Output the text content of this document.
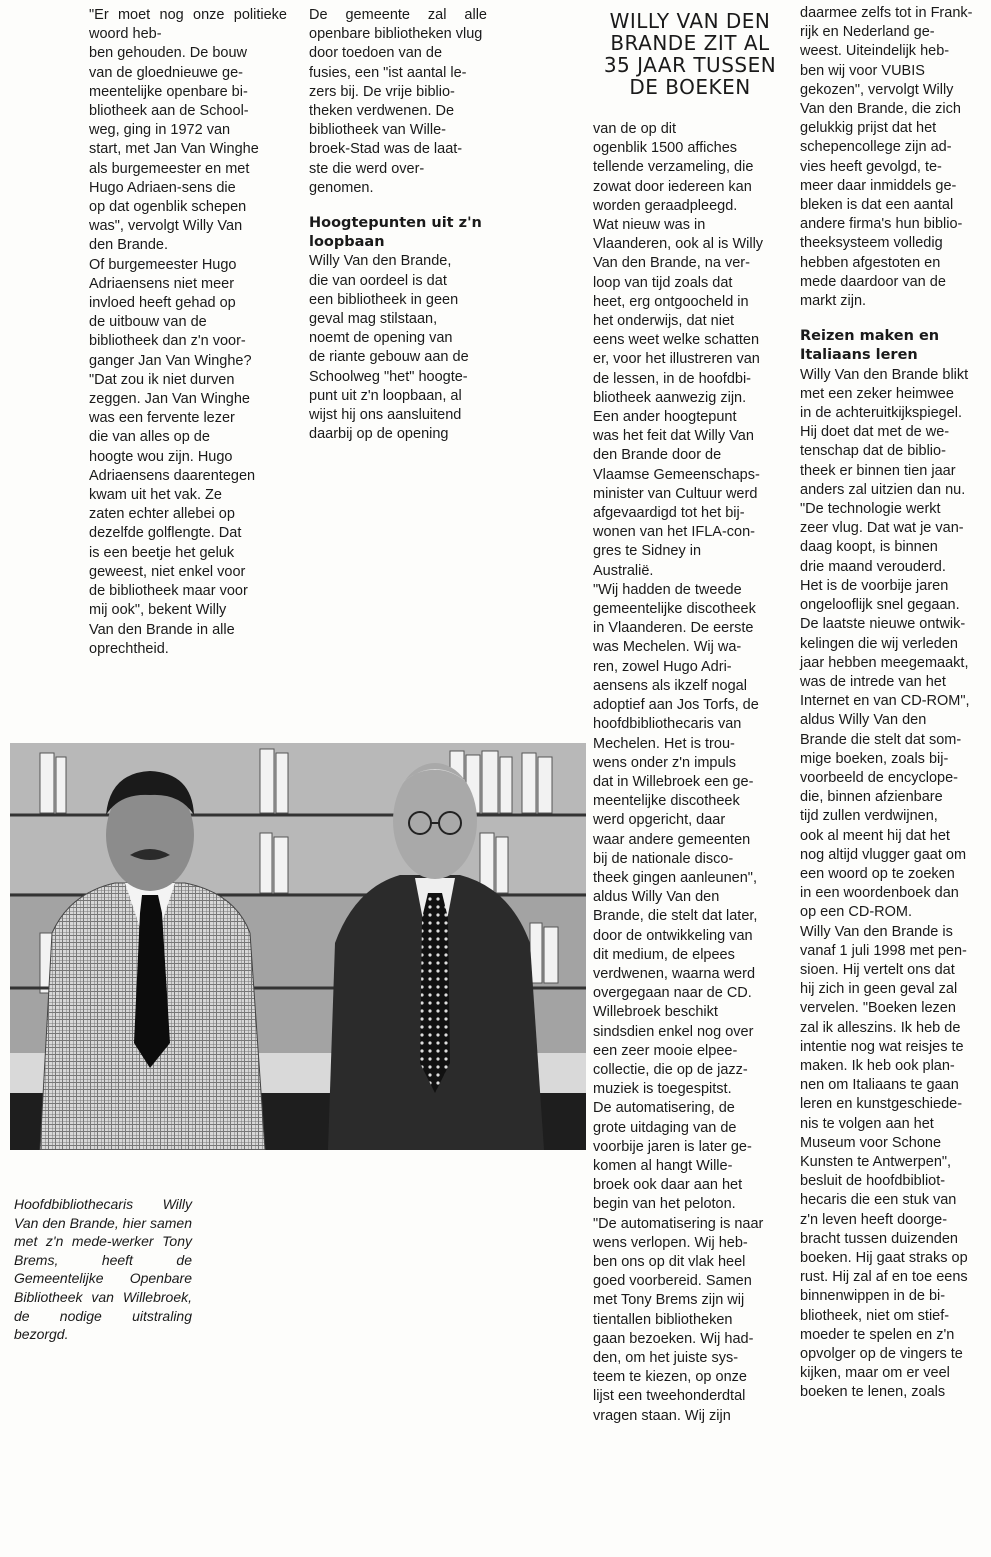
"Er moet nog onze politieke woord heb-
ben gehouden. De bouw
van de gloednieuwe ge-
meentelijke openbare bi-
bliotheek aan de School-
weg, ging in 1972 van
start, met Jan Van Winghe
als burgemeester en met
Hugo Adriaen-sens die
op dat ogenblik schepen
was", vervolgt Willy Van
den Brande.
Of burgemeester Hugo
Adriaensens niet meer
invloed heeft gehad op
de uitbouw van de
bibliotheek dan z'n voor-
ganger Jan Van Winghe?
"Dat zou ik niet durven
zeggen. Jan Van Winghe
was een fervente lezer
die van alles op de
hoogte wou zijn. Hugo
Adriaensens daarentegen
kwam uit het vak. Ze
zaten echter allebei op
dezelfde golflengte. Dat
is een beetje het geluk
geweest, niet enkel voor
de bibliotheek maar voor
mij ook", bekent Willy
Van den Brande in alle
oprechtheid.

De gemeente zal alle openbare bibliotheken vlug
door toedoen van de
fusies, een "ist aantal le-
zers bij. De vrije biblio-
theken verdwenen. De
bibliotheek van Wille-
broek-Stad was de laat-
ste die werd over-
genomen.

Hoogtepunten uit z'n loopbaan

Willy Van den Brande,
die van oordeel is dat
een bibliotheek in geen
geval mag stilstaan,
noemt de opening van
de riante gebouw aan de
Schoolweg "het" hoogte-
punt uit z'n loopbaan, al
wijst hij ons aansluitend
daarbij op de opening

WILLY VAN DEN BRANDE ZIT AL 35 JAAR TUSSEN DE BOEKEN

van de op dit
ogenblik 1500 affiches
tellende verzameling, die
zowat door iedereen kan
worden geraadpleegd.
Wat nieuw was in
Vlaanderen, ook al is Willy
Van den Brande, na ver-
loop van tijd zoals dat
heet, erg ontgoocheld in
het onderwijs, dat niet
eens weet welke schatten
er, voor het illustreren van
de lessen, in de hoofdbi-
bliotheek aanwezig zijn.
Een ander hoogtepunt
was het feit dat Willy Van
den Brande door de
Vlaamse Gemeenschaps-
minister van Cultuur werd
afgevaardigd tot het bij-
wonen van het IFLA-con-
gres te Sidney in
Australië.
"Wij hadden de tweede
gemeentelijke discotheek
in Vlaanderen. De eerste
was Mechelen. Wij wa-
ren, zowel Hugo Adri-
aensens als ikzelf nogal
adoptief aan Jos Torfs, de
hoofdbibliothecaris van
Mechelen. Het is trou-
wens onder z'n impuls
dat in Willebroek een ge-
meentelijke discotheek
werd opgericht, daar
waar andere gemeenten
bij de nationale disco-
theek gingen aanleunen",
aldus Willy Van den
Brande, die stelt dat later,
door de ontwikkeling van
dit medium, de elpees
verdwenen, waarna werd
overgegaan naar de CD.
Willebroek beschikt
sindsdien enkel nog over
een zeer mooie elpee-
collectie, die op de jazz-
muziek is toegespitst.
De automatisering, de
grote uitdaging van de
voorbije jaren is later ge-
komen al hangt Wille-
broek ook daar aan het
begin van het peloton.
"De automatisering is naar
wens verlopen. Wij heb-
ben ons op dit vlak heel
goed voorbereid. Samen
met Tony Brems zijn wij
tientallen bibliotheken
gaan bezoeken. Wij had-
den, om het juiste sys-
teem te kiezen, op onze
lijst een tweehonderdtal
vragen staan. Wij zijn

daarmee zelfs tot in Frank-
rijk en Nederland ge-
weest. Uiteindelijk heb-
ben wij voor VUBIS
gekozen", vervolgt Willy
Van den Brande, die zich
gelukkig prijst dat het
schepencollege zijn ad-
vies heeft gevolgd, te-
meer daar inmiddels ge-
bleken is dat een aantal
andere firma's hun biblio-
theeksysteem volledig
hebben afgestoten en
mede daardoor van de
markt zijn.

Reizen maken en Italiaans leren

Willy Van den Brande blikt
met een zeker heimwee
in de achteruitkijkspiegel.
Hij doet dat met de we-
tenschap dat de biblio-
theek er binnen tien jaar
anders zal uitzien dan nu.
"De technologie werkt
zeer vlug. Dat wat je van-
daag koopt, is binnen
drie maand verouderd.
Het is de voorbije jaren
ongelooflijk snel gegaan.
De laatste nieuwe ontwik-
kelingen die wij verleden
jaar hebben meegemaakt,
was de intrede van het
Internet en van CD-ROM",
aldus Willy Van den
Brande die stelt dat som-
mige boeken, zoals bij-
voorbeeld de encyclope-
die, binnen afzienbare
tijd zullen verdwijnen,
ook al meent hij dat het
nog altijd vlugger gaat om
een woord op te zoeken
in een woordenboek dan
op een CD-ROM.
Willy Van den Brande is
vanaf 1 juli 1998 met pen-
sioen. Hij vertelt ons dat
hij zich in geen geval zal
vervelen. "Boeken lezen
zal ik alleszins. Ik heb de
intentie nog wat reisjes te
maken. Ik heb ook plan-
nen om Italiaans te gaan
leren en kunstgeschiede-
nis te volgen aan het
Museum voor Schone
Kunsten te Antwerpen",
besluit de hoofdbibliot-
hecaris die een stuk van
z'n leven heeft doorge-
bracht tussen duizenden
boeken. Hij gaat straks op
rust. Hij zal af en toe eens
binnenwippen in de bi-
bliotheek, niet om stief-
moeder te spelen en z'n
opvolger op de vingers te
kijken, maar om er veel
boeken te lenen, zoals

Hoofdbibliothecaris Willy Van den Brande, hier samen met z'n mede-werker Tony Brems, heeft de Gemeentelijke Openbare Bibliotheek van Willebroek, de nodige uitstraling bezorgd.
